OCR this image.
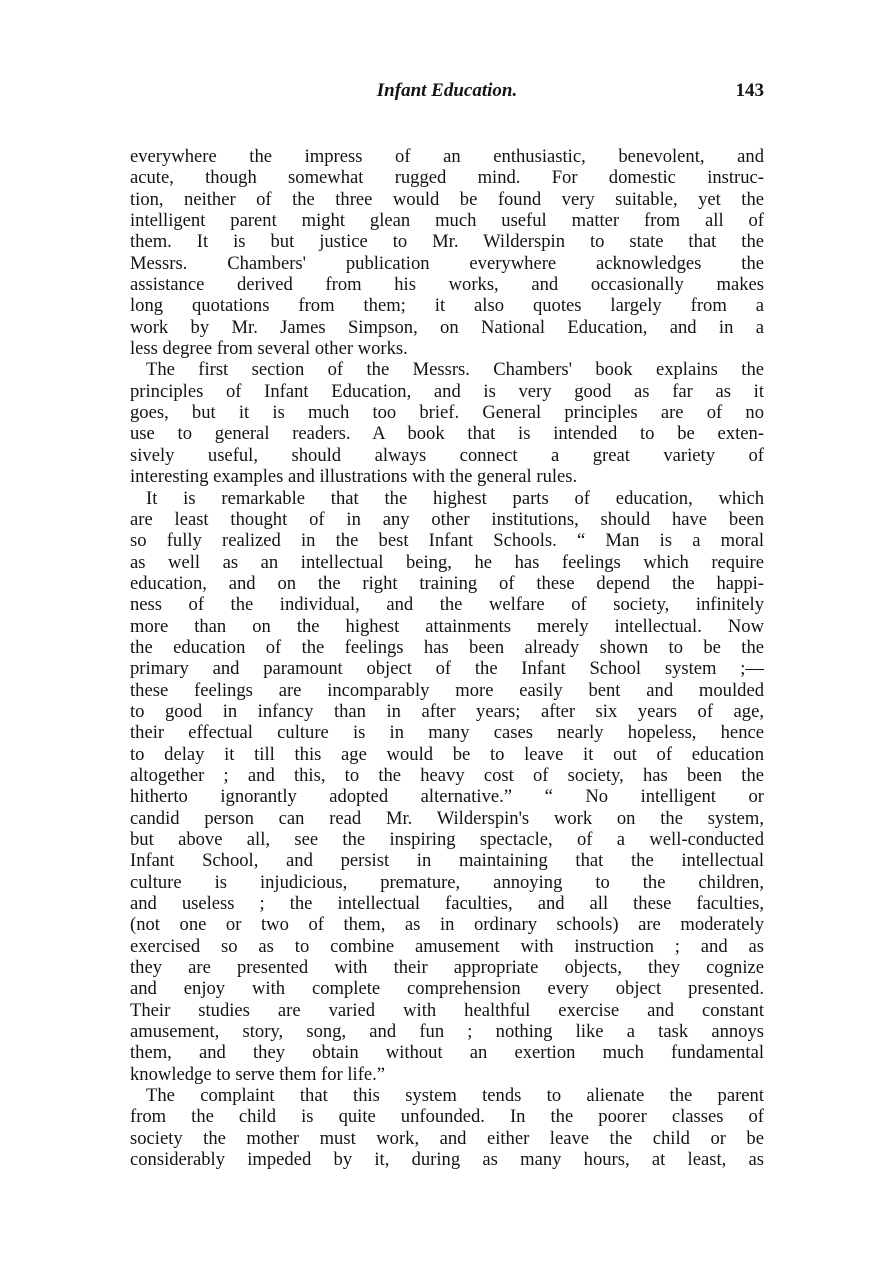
Infant Education.	143
everywhere the impress of an enthusiastic, benevolent, and
acute, though somewhat rugged mind. For domestic instruc-
tion, neither of the three would be found very suitable, yet the
intelligent parent might glean much useful matter from all of
them. It is but justice to Mr. Wilderspin to state that the
Messrs. Chambers' publication everywhere acknowledges the
assistance derived from his works, and occasionally makes
long quotations from them; it also quotes largely from a
work by Mr. James Simpson, on National Education, and in a
less degree from several other works.
The first section of the Messrs. Chambers' book explains the
principles of Infant Education, and is very good as far as it
goes, but it is much too brief. General principles are of no
use to general readers. A book that is intended to be exten-
sively useful, should always connect a great variety of
interesting examples and illustrations with the general rules.
It is remarkable that the highest parts of education, which
are least thought of in any other institutions, should have been
so fully realized in the best Infant Schools. “ Man is a moral
as well as an intellectual being, he has feelings which require
education, and on the right training of these depend the happi-
ness of the individual, and the welfare of society, infinitely
more than on the highest attainments merely intellectual. Now
the education of the feelings has been already shown to be the
primary and paramount object of the Infant School system ;—
these feelings are incomparably more easily bent and moulded
to good in infancy than in after years; after six years of age,
their effectual culture is in many cases nearly hopeless, hence
to delay it till this age would be to leave it out of education
altogether ; and this, to the heavy cost of society, has been the
hitherto ignorantly adopted alternative.” “ No intelligent or
candid person can read Mr. Wilderspin's work on the system,
but above all, see the inspiring spectacle, of a well-conducted
Infant School, and persist in maintaining that the intellectual
culture is injudicious, premature, annoying to the children,
and useless ; the intellectual faculties, and all these faculties,
(not one or two of them, as in ordinary schools) are moderately
exercised so as to combine amusement with instruction ; and as
they are presented with their appropriate objects, they cognize
and enjoy with complete comprehension every object presented.
Their studies are varied with healthful exercise and constant
amusement, story, song, and fun ; nothing like a task annoys
them, and they obtain without an exertion much fundamental
knowledge to serve them for life.”
The complaint that this system tends to alienate the parent
from the child is quite unfounded. In the poorer classes of
society the mother must work, and either leave the child or be
considerably impeded by it, during as many hours, at least, as
